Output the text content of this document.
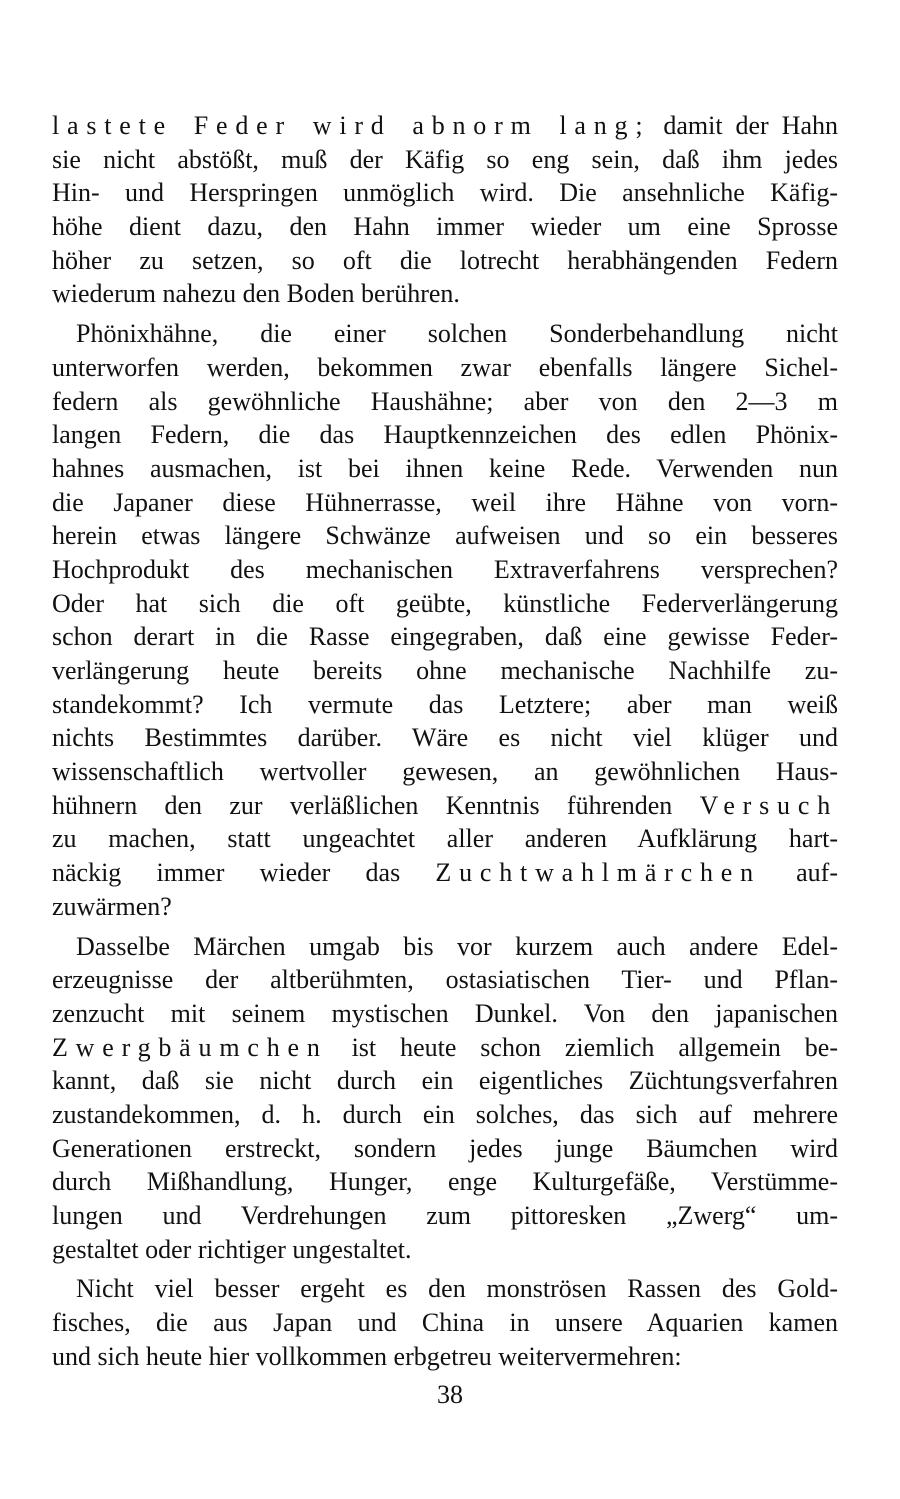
lastete Feder wird abnorm lang; damit der Hahn
sie nicht abstößt, muß der Käfig so eng sein, daß ihm jedes
Hin- und Herspringen unmöglich wird. Die ansehnliche Käfig-
höhe dient dazu, den Hahn immer wieder um eine Sprosse
höher zu setzen, so oft die lotrecht herabhängenden Federn
wiederum nahezu den Boden berühren.
Phönixhähne, die einer solchen Sonderbehandlung nicht
unterworfen werden, bekommen zwar ebenfalls längere Sichel-
federn als gewöhnliche Haushähne; aber von den 2—3 m
langen Federn, die das Hauptkennzeichen des edlen Phönix-
hahnes ausmachen, ist bei ihnen keine Rede. Verwenden nun
die Japaner diese Hühnerrasse, weil ihre Hähne von vorn-
herein etwas längere Schwänze aufweisen und so ein besseres
Hochprodukt des mechanischen Extraverfahrens versprechen?
Oder hat sich die oft geübte, künstliche Federverlängerung
schon derart in die Rasse eingegraben, daß eine gewisse Feder-
verlängerung heute bereits ohne mechanische Nachhilfe zu-
standekommt? Ich vermute das Letztere; aber man weiß
nichts Bestimmtes darüber. Wäre es nicht viel klüger und
wissenschaftlich wertvoller gewesen, an gewöhnlichen Haus-
hühnern den zur verläßlichen Kenntnis führenden Versuch
zu machen, statt ungeachtet aller anderen Aufklärung hart-
näckig immer wieder das Zuchtwahlmärchen auf-
zuwärmen?
Dasselbe Märchen umgab bis vor kurzem auch andere Edel-
erzeugnisse der altberühmten, ostasiatischen Tier- und Pflan-
zenzucht mit seinem mystischen Dunkel. Von den japanischen
Zwergbäumchen ist heute schon ziemlich allgemein be-
kannt, daß sie nicht durch ein eigentliches Züchtungsverfahren
zustandekommen, d. h. durch ein solches, das sich auf mehrere
Generationen erstreckt, sondern jedes junge Bäumchen wird
durch Mißhandlung, Hunger, enge Kulturgefäße, Verstümme-
lungen und Verdrehungen zum pittoresken „Zwerg“ um-
gestaltet oder richtiger ungestaltet.
Nicht viel besser ergeht es den monströsen Rassen des Gold-
fisches, die aus Japan und China in unsere Aquarien kamen
und sich heute hier vollkommen erbgetreu weitervermehren:
38
